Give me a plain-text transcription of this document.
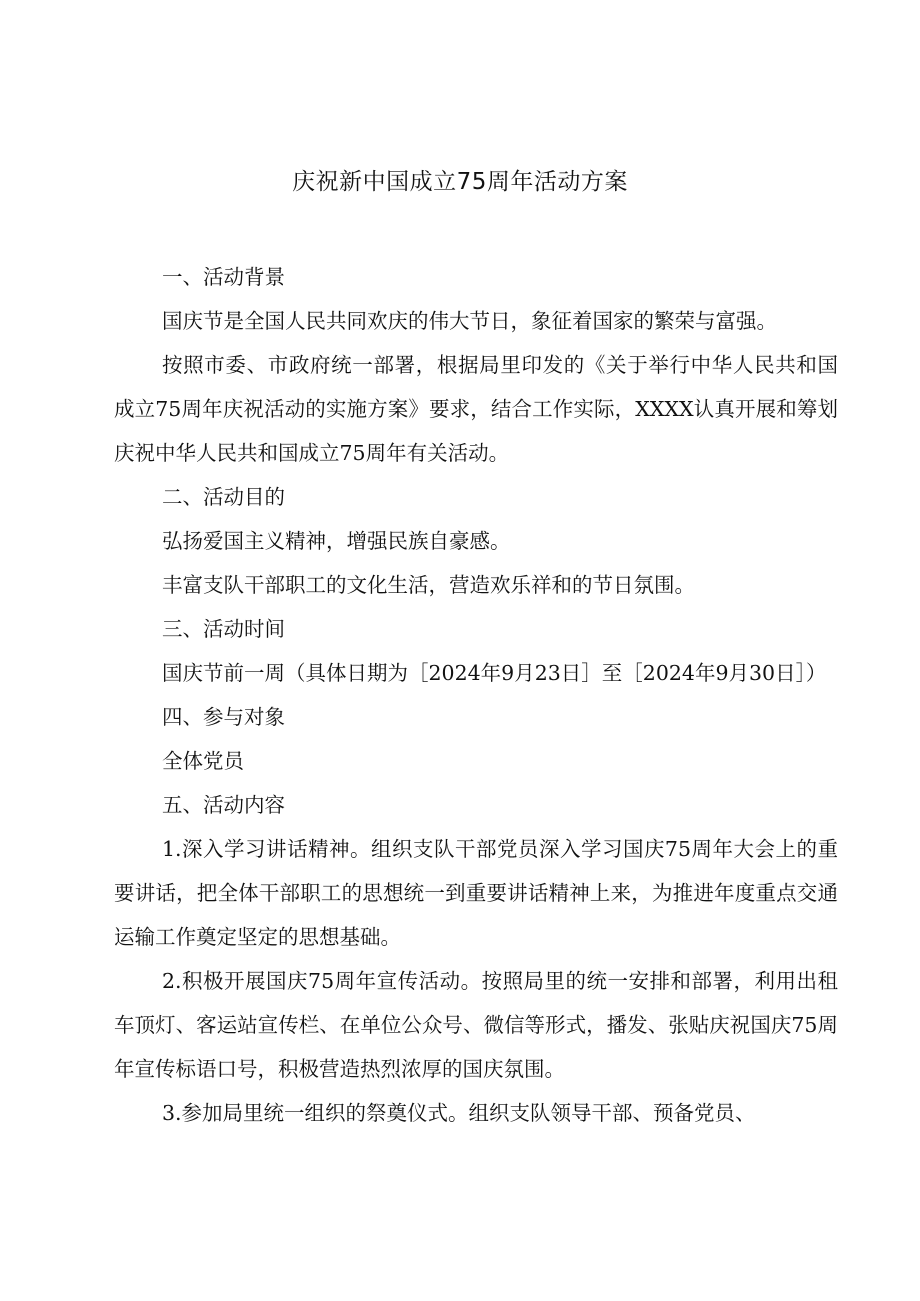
庆祝新中国成立75周年活动方案
一、活动背景

国庆节是全国人民共同欢庆的伟大节日，象征着国家的繁荣与富强。

按照市委、市政府统一部署，根据局里印发的《关于举行中华人民共和国成立75周年庆祝活动的实施方案》要求，结合工作实际，XXXX认真开展和筹划庆祝中华人民共和国成立75周年有关活动。

二、活动目的

弘扬爱国主义精神，增强民族自豪感。

丰富支队干部职工的文化生活，营造欢乐祥和的节日氛围。

三、活动时间

国庆节前一周（具体日期为［2024年9月23日］至［2024年9月30日］）

四、参与对象

全体党员

五、活动内容

1.深入学习讲话精神。组织支队干部党员深入学习国庆75周年大会上的重要讲话，把全体干部职工的思想统一到重要讲话精神上来，为推进年度重点交通运输工作奠定坚定的思想基础。

2.积极开展国庆75周年宣传活动。按照局里的统一安排和部署，利用出租车顶灯、客运站宣传栏、在单位公众号、微信等形式，播发、张贴庆祝国庆75周年宣传标语口号，积极营造热烈浓厚的国庆氛围。

3.参加局里统一组织的祭奠仪式。组织支队领导干部、预备党员、
